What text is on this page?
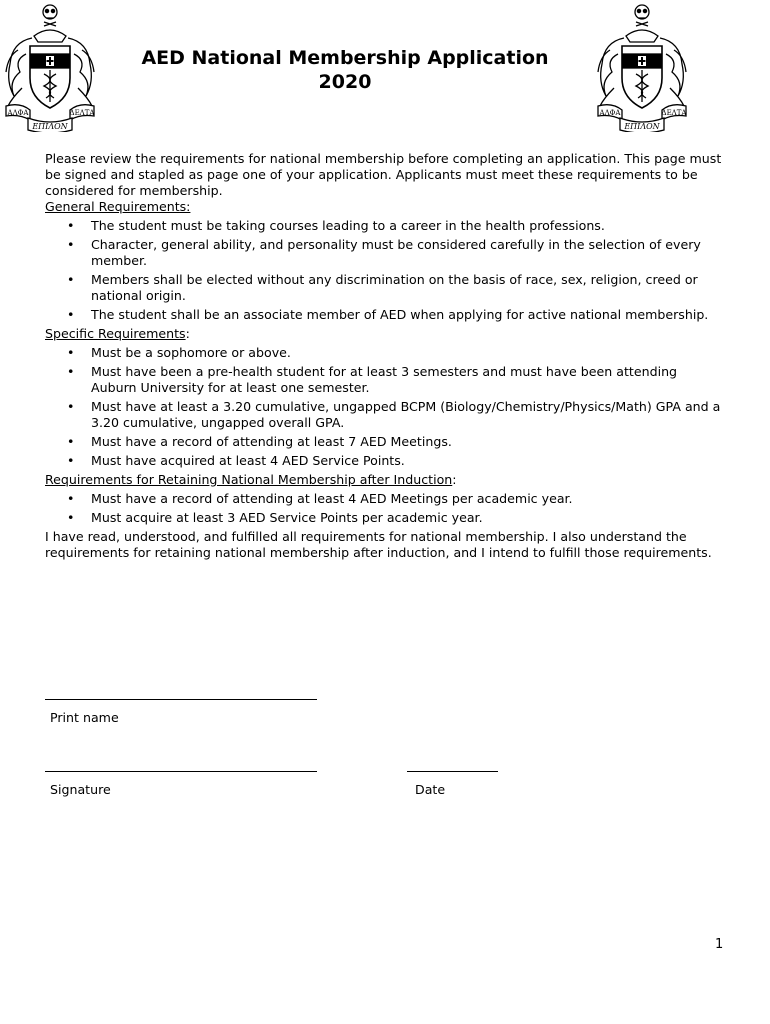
ΑΛΦΑ	ΔΕΛΤΑ
ΕΠΙΛΟΝ
ΑΛΦΑ	ΔΕΛΤΑ
ΕΠΙΛΟΝ
AED National Membership Application
2020

Please review the requirements for national membership before completing an application. This page must be signed and stapled as page one of your application. Applicants must meet these requirements to be considered for membership.

General Requirements:

• The student must be taking courses leading to a career in the health professions.
• Character, general ability, and personality must be considered carefully in the selection of every member.
• Members shall be elected without any discrimination on the basis of race, sex, religion, creed or national origin.
• The student shall be an associate member of AED when applying for active national membership.

Specific Requirements:

• Must be a sophomore or above.
• Must have been a pre-health student for at least 3 semesters and must have been attending Auburn University for at least one semester.
• Must have at least a 3.20 cumulative, ungapped BCPM (Biology/Chemistry/Physics/Math) GPA and a 3.20 cumulative, ungapped overall GPA.
• Must have a record of attending at least 7 AED Meetings.
• Must have acquired at least 4 AED Service Points.

Requirements for Retaining National Membership after Induction:

• Must have a record of attending at least 4 AED Meetings per academic year.
• Must acquire at least 3 AED Service Points per academic year.

I have read, understood, and fulfilled all requirements for national membership. I also understand the requirements for retaining national membership after induction, and I intend to fulfill those requirements.

Print name
Signature	Date
1
